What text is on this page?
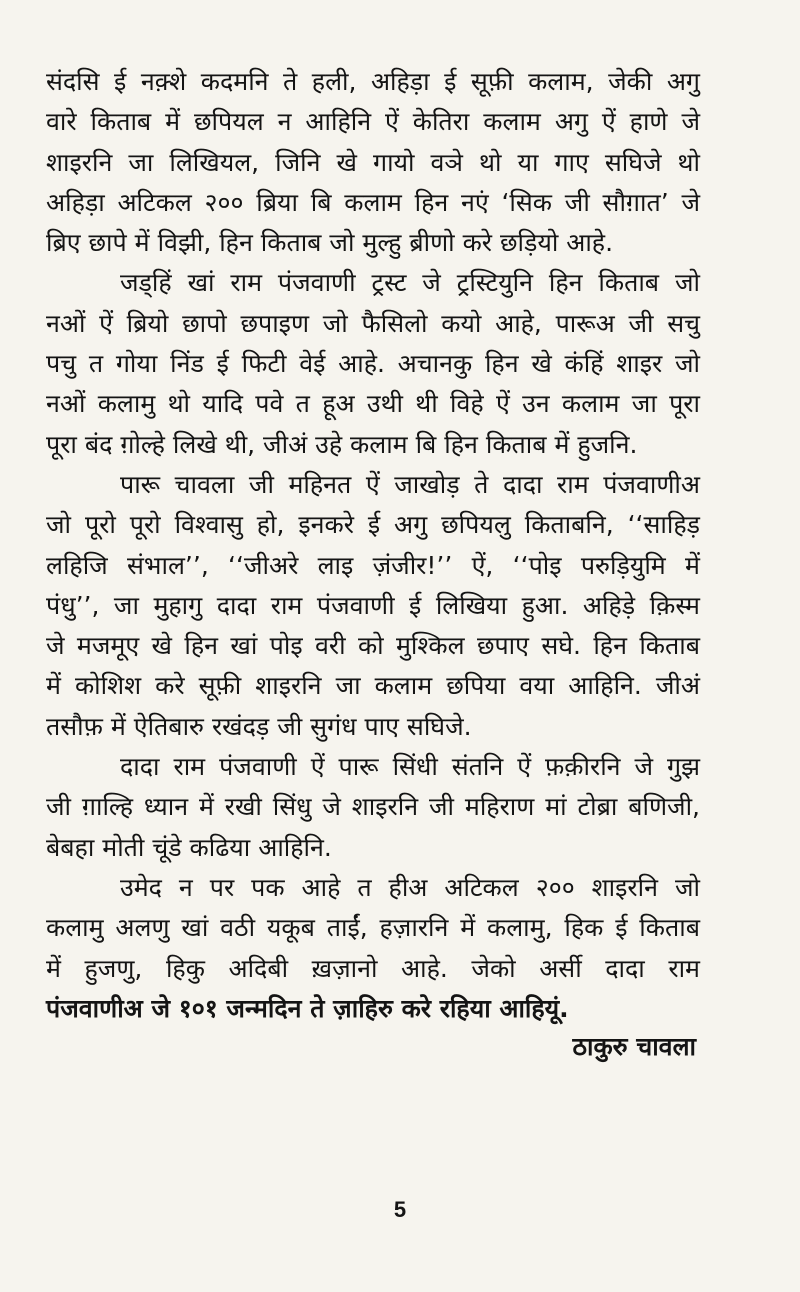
संदसि ई नक़्शे कदमनि ते हली, अहिड़ा ई सूफ़ी कलाम, जेकी अगु
वारे किताब में छपियल न आहिनि ऐं केतिरा कलाम अगु ऐं हाणे जे
शाइरनि जा लिखियल, जिनि खे गायो वञे थो या गाए सघिजे थो
अहिड़ा अटिकल २०० ब्रिया बि कलाम हिन नएं ‘सिक जी सौग़ात’ जे
ब्रिए छापे में विझी, हिन किताब जो मुल्हु ब्रीणो करे छड़ियो आहे.
जड्हिं खां राम पंजवाणी ट्रस्ट जे ट्रस्टियुनि हिन किताब जो
नओं ऐं ब्रियो छापो छपाइण जो फैसिलो कयो आहे, पारूअ जी सचु
पचु त गोया निंड ई फिटी वेई आहे. अचानकु हिन खे कंहिं शाइर जो
नओं कलामु थो यादि पवे त हूअ उथी थी विहे ऐं उन कलाम जा पूरा
पूरा बंद ग़ोल्हे लिखे थी, जीअं उहे कलाम बि हिन किताब में हुजनि.
पारू चावला जी महिनत ऐं जाखोड़ ते दादा राम पंजवाणीअ
जो पूरो पूरो विश्वासु हो, इनकरे ई अगु छपियलु किताबनि, ‘‘साहिड़
लहिजि संभाल’’, ‘‘जीअरे लाइ ज़ंजीर!’’ ऐं, ‘‘पोइ परुड़ियुमि में
पंधु’’, जा मुहागु दादा राम पंजवाणी ई लिखिया हुआ. अहिड़े क़िस्म
जे मजमूए खे हिन खां पोइ वरी को मुश्किल छपाए सघे. हिन किताब
में कोशिश करे सूफ़ी शाइरनि जा कलाम छपिया वया आहिनि. जीअं
तसौफ़ में ऐतिबारु रखंदड़ जी सुगंध पाए सघिजे.
दादा राम पंजवाणी ऐं पारू सिंधी संतनि ऐं फ़क़ीरनि जे गुझ
जी ग़ाल्हि ध्यान में रखी सिंधु जे शाइरनि जी महिराण मां टोब्रा बणिजी,
बेबहा मोती चूंडे कढिया आहिनि.
उमेद न पर पक आहे त हीअ अटिकल २०० शाइरनि जो
कलामु अलणु खां वठी यकूब ताईं, हज़ारनि में कलामु, हिक ई किताब
में हुजणु, हिकु अदिबी ख़ज़ानो आहे. जेको अर्सी दादा राम
पंजवाणीअ जे १०१ जन्मदिन ते ज़ाहिरु करे रहिया आहियूं.
ठाकुरु चावला
5
